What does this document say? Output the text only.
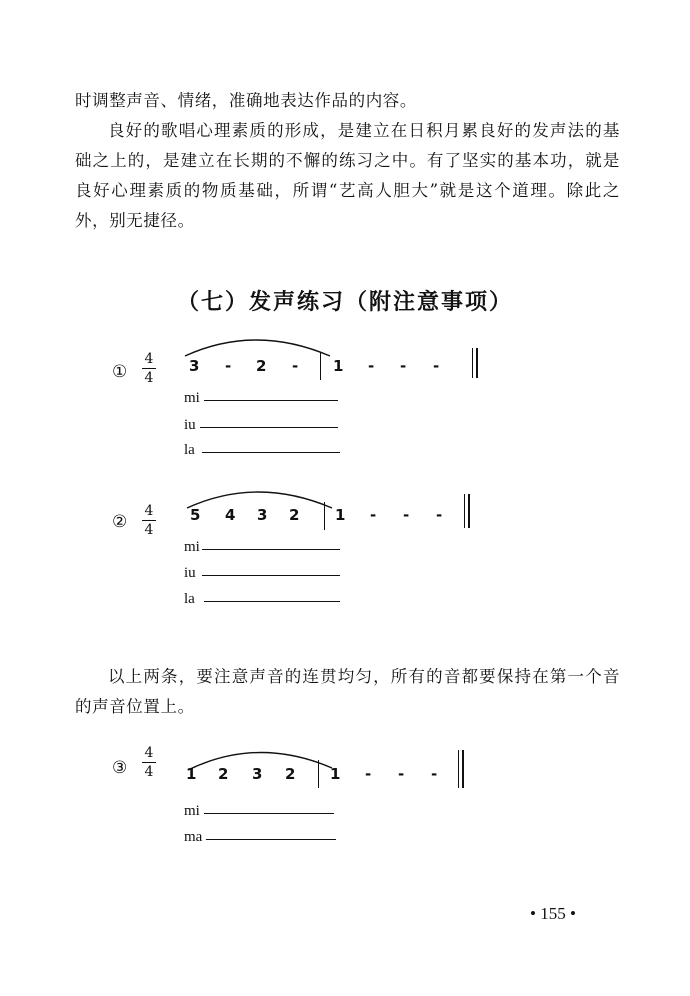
时调整声音、情绪，准确地表达作品的内容。

良好的歌唱心理素质的形成，是建立在日积月累良好的发声法的基础之上的，是建立在长期的不懈的练习之中。有了坚实的基本功，就是良好心理素质的物质基础，所谓“艺高人胆大”就是这个道理。除此之外，别无捷径。

（七）发声练习（附注意事项）
①
4
4
3 - 2 - 1 - - -
mi
iu
la
②
4
4
5 4 3 2 1 - - -
mi
iu
la

以上两条，要注意声音的连贯均匀，所有的音都要保持在第一个音的声音位置上。

③
4
4 1 2 3 2 1 - - -
mi
ma
• 155 •
